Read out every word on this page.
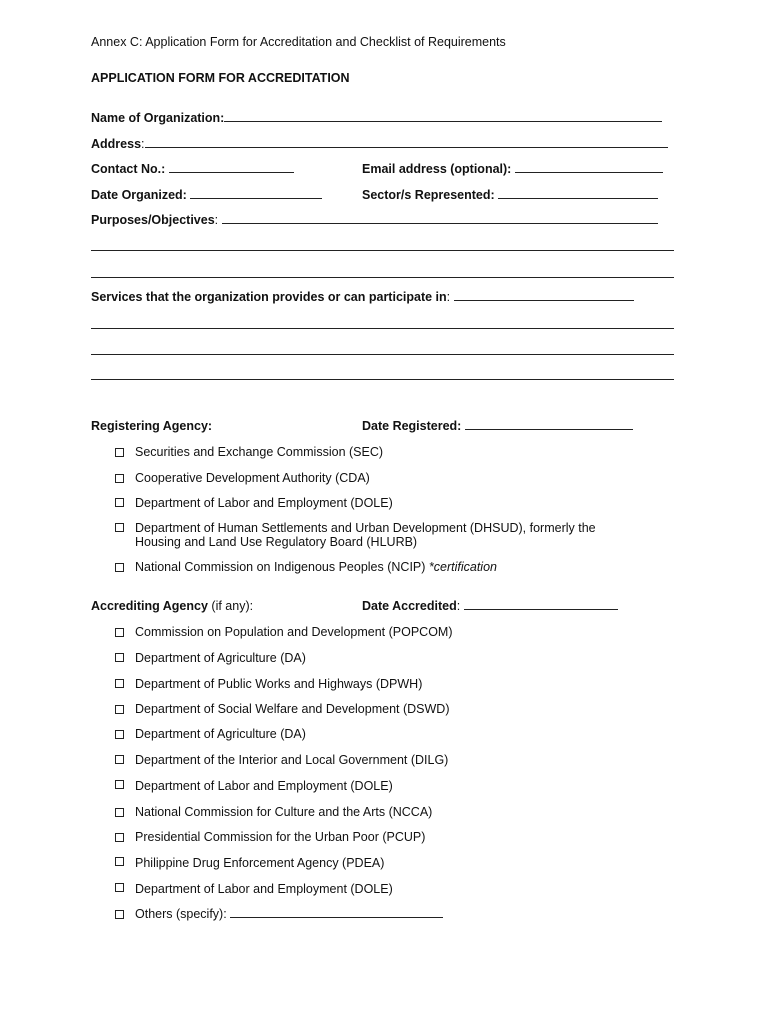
Annex C: Application Form for Accreditation and Checklist of Requirements
APPLICATION FORM FOR ACCREDITATION
Name of Organization:
Address:
Contact No.:	Email address (optional):
Date Organized:	Sector/s Represented:
Purposes/Objectives:
Services that the organization provides or can participate in:
Registering Agency:	Date Registered:
Securities and Exchange Commission (SEC)
Cooperative Development Authority (CDA)
Department of Labor and Employment (DOLE)
Department of Human Settlements and Urban Development (DHSUD), formerly the
Housing and Land Use Regulatory Board (HLURB)
National Commission on Indigenous Peoples (NCIP) *certification
Accrediting Agency (if any):	Date Accredited:
Commission on Population and Development (POPCOM)
Department of Agriculture (DA)
Department of Public Works and Highways (DPWH)
Department of Social Welfare and Development (DSWD)
Department of Agriculture (DA)
Department of the Interior and Local Government (DILG)
Department of Labor and Employment (DOLE)
National Commission for Culture and the Arts (NCCA)
Presidential Commission for the Urban Poor (PCUP)
Philippine Drug Enforcement Agency (PDEA)
Department of Labor and Employment (DOLE)
Others (specify):
